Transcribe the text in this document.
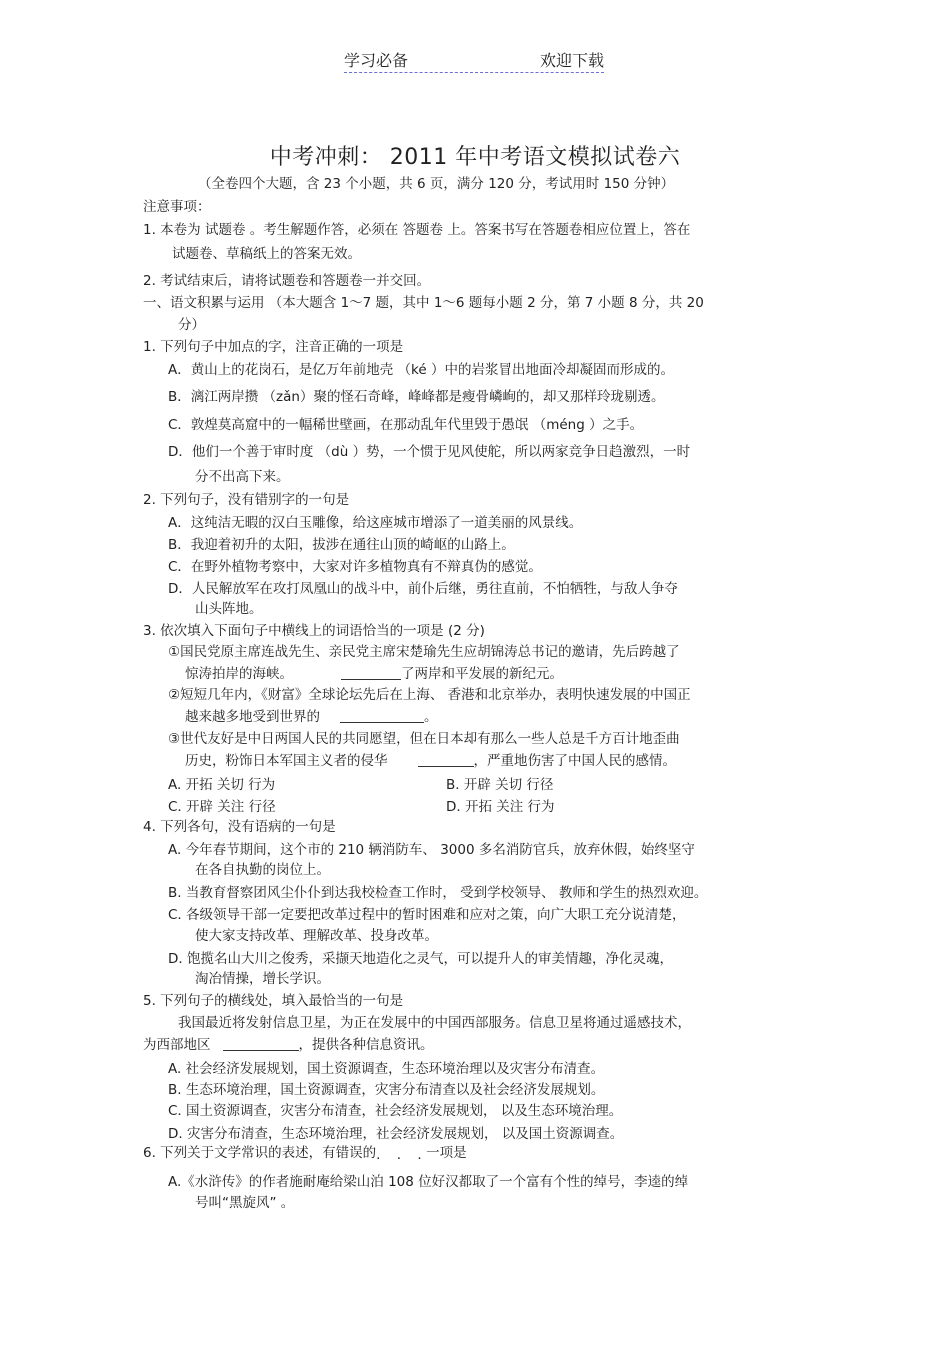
学习必备	欢迎下载
中考冲刺： 2011 年中考语文模拟试卷六
（全卷四个大题，含 23 个小题，共 6 页，满分 120 分，考试用时 150 分钟）
注意事项：
1. 本卷为 试题卷 。考生解题作答，必须在 答题卷 上。答案书写在答题卷相应位置上，答在
试题卷、草稿纸上的答案无效。
2. 考试结束后，请将试题卷和答题卷一并交回。
一、语文积累与运用 （本大题含 1～7 题，其中 1～6 题每小题 2 分，第 7 小题 8 分，共 20
分）
1. 下列句子中加点的字，注音正确的一项是
A．黄山上的花岗石，是亿万年前地壳 （ké ）中的岩浆冒出地面冷却凝固而形成的。
B．漓江两岸攒 （zǎn）聚的怪石奇峰，峰峰都是瘦骨嶙峋的，却又那样玲珑剔透。
C．敦煌莫高窟中的一幅稀世壁画，在那动乱年代里毁于愚氓 （méng ）之手。
D．他们一个善于审时度 （dù ）势，一个惯于见风使舵，所以两家竞争日趋激烈，一时
分不出高下来。
2. 下列句子，没有错别字的一句是
A．这纯洁无暇的汉白玉雕像，给这座城市增添了一道美丽的风景线。
B．我迎着初升的太阳，拔涉在通往山顶的崎岖的山路上。
C．在野外植物考察中，大家对许多植物真有不辩真伪的感觉。
D．人民解放军在攻打凤凰山的战斗中，前仆后继，勇往直前，不怕牺牲，与敌人争夺
山头阵地。
3. 依次填入下面句子中横线上的词语恰当的一项是 (2 分)
①国民党原主席连战先生、亲民党主席宋楚瑜先生应胡锦涛总书记的邀请，先后跨越了
惊涛拍岸的海峡。	了两岸和平发展的新纪元。
②短短几年内，《财富》全球论坛先后在上海、 香港和北京举办，表明快速发展的中国正
越来越多地受到世界的	。
③世代友好是中日两国人民的共同愿望，但在日本却有那么一些人总是千方百计地歪曲
历史，粉饰日本军国主义者的侵华	，严重地伤害了中国人民的感情。
A. 开拓 关切 行为	B. 开辟 关切 行径
C. 开辟 关注 行径	D. 开拓 关注 行为
4. 下列各句，没有语病的一句是
A. 今年春节期间，这个市的 210 辆消防车、 3000 多名消防官兵，放弃休假，始终坚守
在各自执勤的岗位上。
B. 当教育督察团风尘仆仆到达我校检查工作时， 受到学校领导、 教师和学生的热烈欢迎。
C. 各级领导干部一定要把改革过程中的暂时困难和应对之策，向广大职工充分说清楚，
使大家支持改革、理解改革、投身改革。
D. 饱揽名山大川之俊秀，采撷天地造化之灵气，可以提升人的审美情趣，净化灵魂，
淘冶情操，增长学识。
5. 下列句子的横线处，填入最恰当的一句是
我国最近将发射信息卫星，为正在发展中的中国西部服务。信息卫星将通过遥感技术，
为西部地区	，提供各种信息资讯。
A. 社会经济发展规划，国土资源调查，生态环境治理以及灾害分布清查。
B. 生态环境治理，国土资源调查，灾害分布清查以及社会经济发展规划。
C. 国土资源调查，灾害分布清查，社会经济发展规划， 以及生态环境治理。
D. 灾害分布清查，生态环境治理，社会经济发展规划， 以及国土资源调查。
6. 下列关于文学常识的表述，有错误的· · ·一项是
A.《水浒传》的作者施耐庵给梁山泊 108 位好汉都取了一个富有个性的绰号，李逵的绰
号叫“黑旋风” 。
